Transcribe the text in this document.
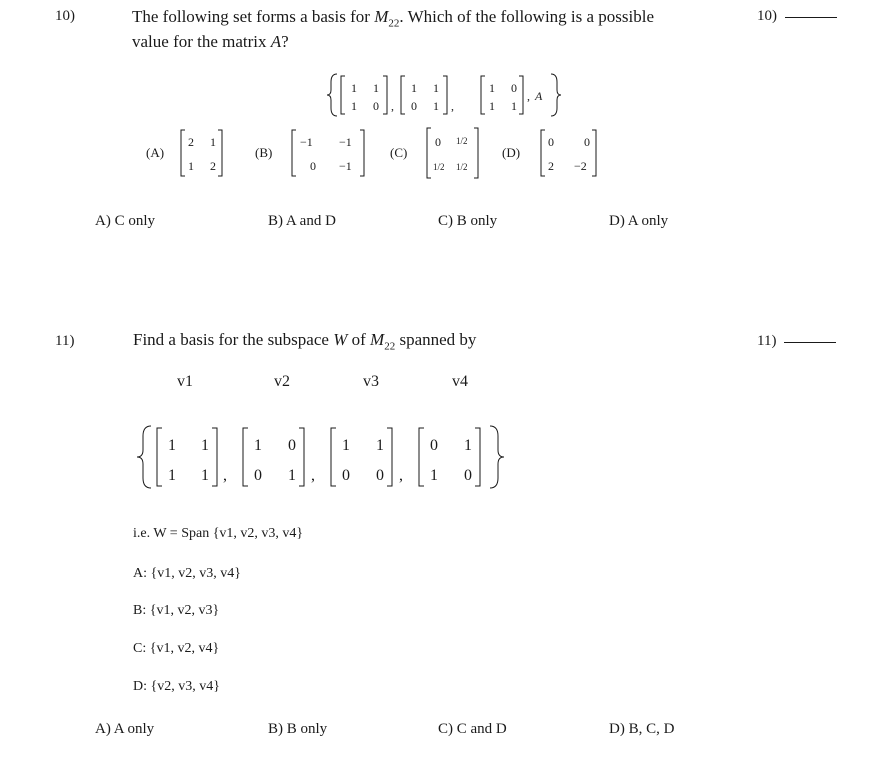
10)	The following set forms a basis for $M_{22}$. Which of the following is a possible
value for the matrix A?
10)
1 1
1 0 ,
1 1
0 1 ,
1 0
1 1
, A
(A)
2 1
1 2
(B)
−1 −1
0 −1
(C)
0 1/2
1/2 1/2
(D)
0	0
2 −2
A) C only	B) A and D	C) B only	D) A only
11)	Find a basis for the subspace W of $M_{22}$ spanned by	11)
v1	v2	v3	v4
1 1
1 1 ,
1 0
0 1 ,
1 1
0 0 ,
0 1
1 0
i.e. W = Span {v1, v2, v3, v4}
A: {v1, v2, v3, v4}
B: {v1, v2, v3}
C: {v1, v2, v4}
D: {v2, v3, v4}
A) A only	B) B only	C) C and D	D) B, C, D
